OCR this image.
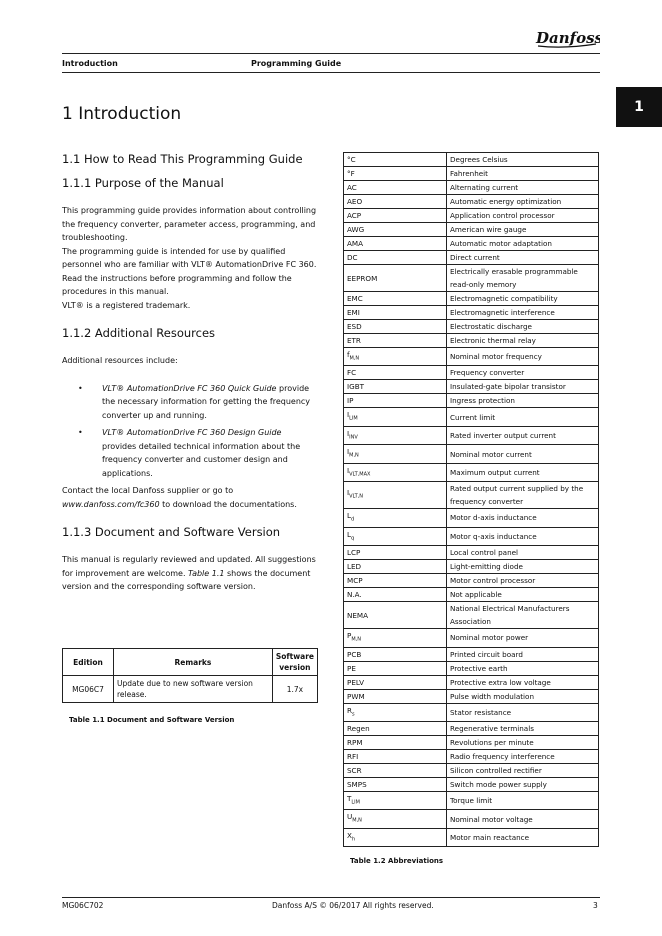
Danfoss
Introduction	Programming Guide
1
1 Introduction
1.1 How to Read This Programming Guide
1.1.1 Purpose of the Manual

This programming guide provides information about controlling the frequency converter, parameter access, programming, and troubleshooting.

The programming guide is intended for use by qualified personnel who are familiar with VLT® AutomationDrive FC 360.

Read the instructions before programming and follow the procedures in this manual.

VLT® is a registered trademark.

1.1.2 Additional Resources

Additional resources include:

• VLT® AutomationDrive FC 360 Quick Guide provide the necessary information for getting the frequency converter up and running.
• VLT® AutomationDrive FC 360 Design Guide provides detailed technical information about the frequency converter and customer design and applications.

Contact the local Danfoss supplier or go to www.danfoss.com/fc360 to download the documentations.

1.1.3 Document and Software Version

This manual is regularly reviewed and updated. All suggestions for improvement are welcome. Table 1.1 shows the document version and the corresponding software version.

Edition	Remarks	Software version
MG06C7	Update due to new software version release.	1.7x
Table 1.1 Document and Software Version
°C	Degrees Celsius
°F	Fahrenheit
AC	Alternating current
AEO	Automatic energy optimization
ACP	Application control processor
AWG	American wire gauge
AMA	Automatic motor adaptation
DC	Direct current
EEPROM	Electrically erasable programmable read-only memory
EMC	Electromagnetic compatibility
EMI	Electromagnetic interference
ESD	Electrostatic discharge
ETR	Electronic thermal relay
$f_{M,N}$	Nominal motor frequency
FC	Frequency converter
IGBT	Insulated-gate bipolar transistor
IP	Ingress protection
$I_{LIM}$	Current limit
$I_{INV}$	Rated inverter output current
$I_{M,N}$	Nominal motor current
$I_{VLT,MAX}$	Maximum output current
$I_{VLT,N}$	Rated output current supplied by the frequency converter
$L_d$	Motor d-axis inductance
$L_q$	Motor q-axis inductance
LCP	Local control panel
LED	Light-emitting diode
MCP	Motor control processor
N.A.	Not applicable
NEMA	National Electrical Manufacturers Association
$P_{M,N}$	Nominal motor power
PCB	Printed circuit board
PE	Protective earth
PELV	Protective extra low voltage
PWM	Pulse width modulation
$R_s$	Stator resistance
Regen	Regenerative terminals
RPM	Revolutions per minute
RFI	Radio frequency interference
SCR	Silicon controlled rectifier
SMPS	Switch mode power supply
$T_{LIM}$	Torque limit
$U_{M,N}$	Nominal motor voltage
$X_h$	Motor main reactance
Table 1.2 Abbreviations
MG06C702	Danfoss A/S © 06/2017 All rights reserved.	3
